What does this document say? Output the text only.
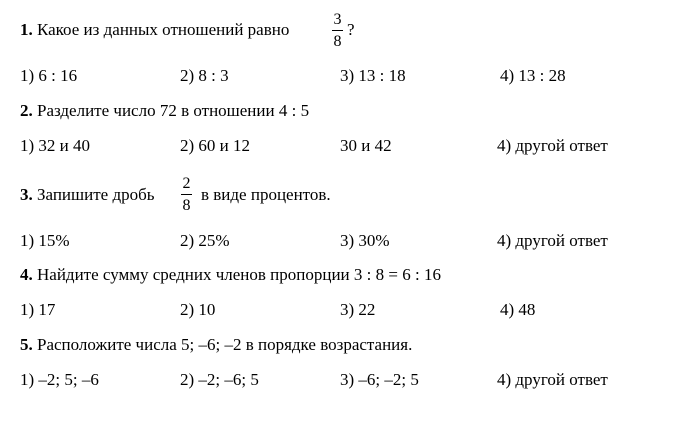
1. Какое из данных отношений равно
3
8
?
1) 6 : 16	2) 8 : 3	3) 13 : 18	4) 13 : 28
2. Разделите число 72 в отношении 4 : 5
1) 32 и 40	2) 60 и 12	30 и 42	4) другой ответ
3. Запишите дробь
2
8
в виде процентов.
1) 15%	2) 25%	3) 30%	4) другой ответ
4. Найдите сумму средних членов пропорции 3 : 8 = 6 : 16
1) 17	2) 10	3) 22	4) 48
5. Расположите числа 5; –6; –2 в порядке возрастания.
1) –2; 5; –6	2) –2; –6; 5	3) –6; –2; 5	4) другой ответ
